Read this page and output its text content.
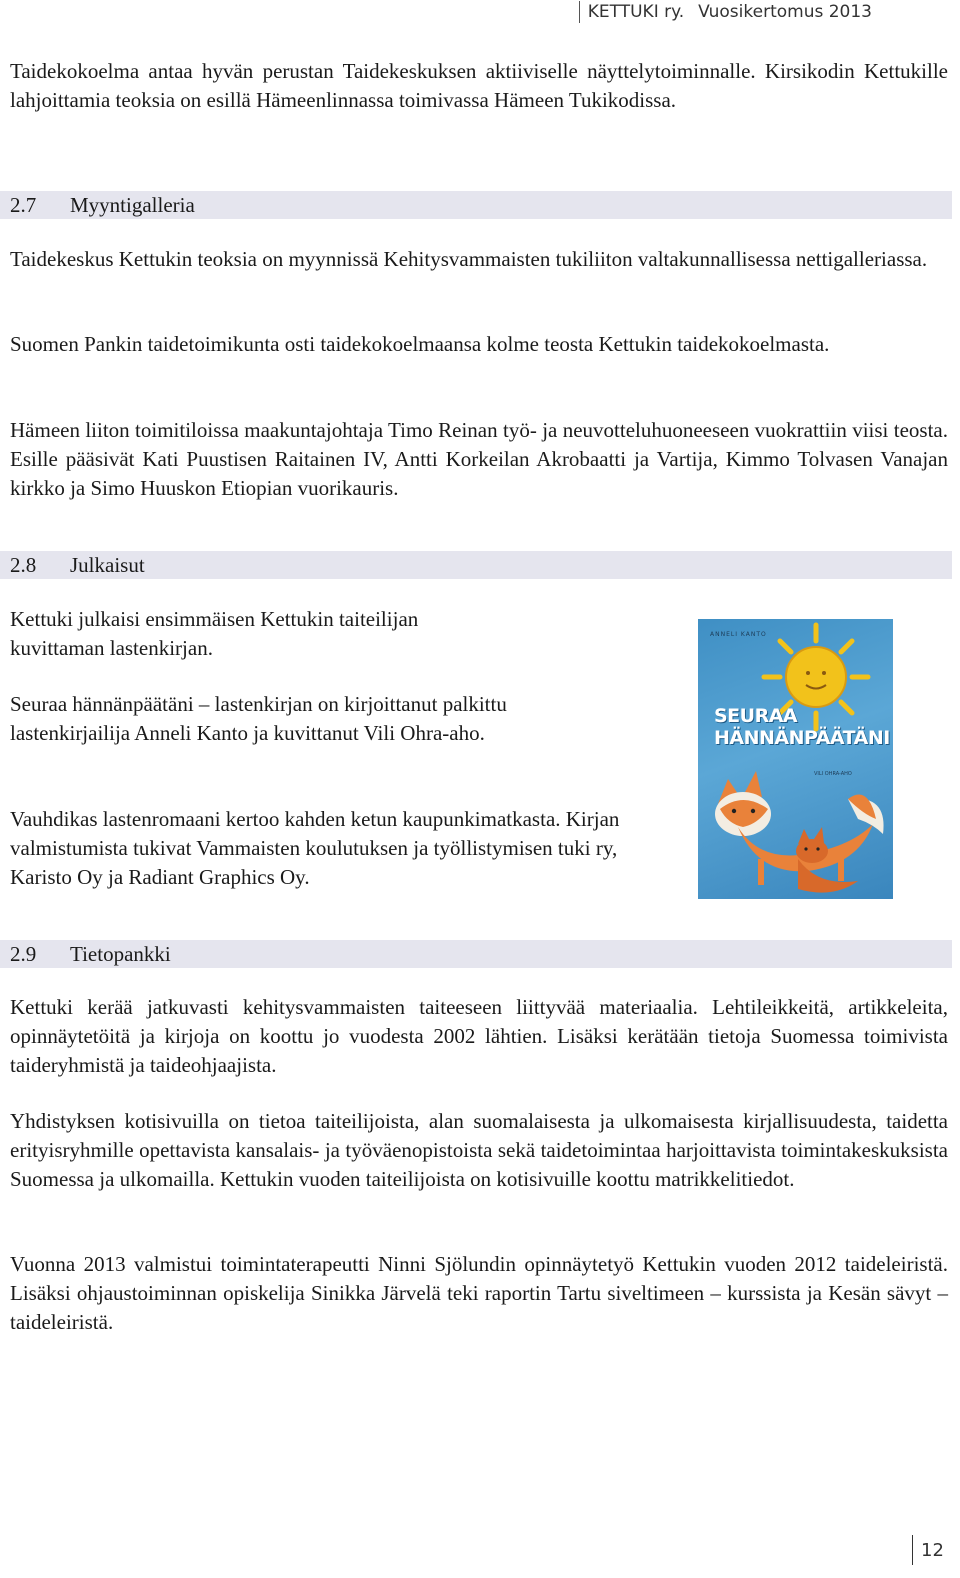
KETTUKI ry. Vuosikertomus 2013

Taidekokoelma antaa hyvän perustan Taidekeskuksen aktiiviselle näyttelytoiminnalle. Kirsikodin Kettukille lahjoittamia teoksia on esillä Hämeenlinnassa toimivassa Hämeen Tukikodissa.

2.7 Myyntigalleria

Taidekeskus Kettukin teoksia on myynnissä Kehitysvammaisten tukiliiton valtakunnallisessa nettigalleriassa.

Suomen Pankin taidetoimikunta osti taidekokoelmaansa kolme teosta Kettukin taidekokoelmasta.

Hämeen liiton toimitiloissa maakuntajohtaja Timo Reinan työ- ja neuvotteluhuoneeseen vuokrattiin viisi teosta. Esille pääsivät Kati Puustisen Raitainen IV, Antti Korkeilan Akrobaatti ja Vartija, Kimmo Tolvasen Vanajan kirkko ja Simo Huuskon Etiopian vuorikauris.

2.8 Julkaisut

Kettuki julkaisi ensimmäisen Kettukin taiteilijan kuvittaman lastenkirjan.

Seuraa hännänpäätäni – lastenkirjan on kirjoittanut palkittu lastenkirjailija Anneli Kanto ja kuvittanut Vili Ohra-aho.

Vauhdikas lastenromaani kertoo kahden ketun kaupunkimatkasta. Kirjan valmistumista tukivat Vammaisten koulutuksen ja työllistymisen tuki ry, Karisto Oy ja Radiant Graphics Oy.

ANNELI KANTO
SEURAA
HÄNNÄNPÄÄTÄNI
VILI OHRA-AHO
2.9 Tietopankki

Kettuki kerää jatkuvasti kehitysvammaisten taiteeseen liittyvää materiaalia. Lehtileikkeitä, artikkeleita, opinnäytetöitä ja kirjoja on koottu jo vuodesta 2002 lähtien. Lisäksi kerätään tietoja Suomessa toimivista taideryhmistä ja taideohjaajista.

Yhdistyksen kotisivuilla on tietoa taiteilijoista, alan suomalaisesta ja ulkomaisesta kirjallisuudesta, taidetta erityisryhmille opettavista kansalais- ja työväenopistoista sekä taidetoimintaa harjoittavista toimintakeskuksista Suomessa ja ulkomailla. Kettukin vuoden taiteilijoista on kotisivuille koottu matrikkelitiedot.

Vuonna 2013 valmistui toimintaterapeutti Ninni Sjölundin opinnäytetyö Kettukin vuoden 2012 taideleiristä. Lisäksi ohjaustoiminnan opiskelija Sinikka Järvelä teki raportin Tartu siveltimeen – kurssista ja Kesän sävyt – taideleiristä.

12
